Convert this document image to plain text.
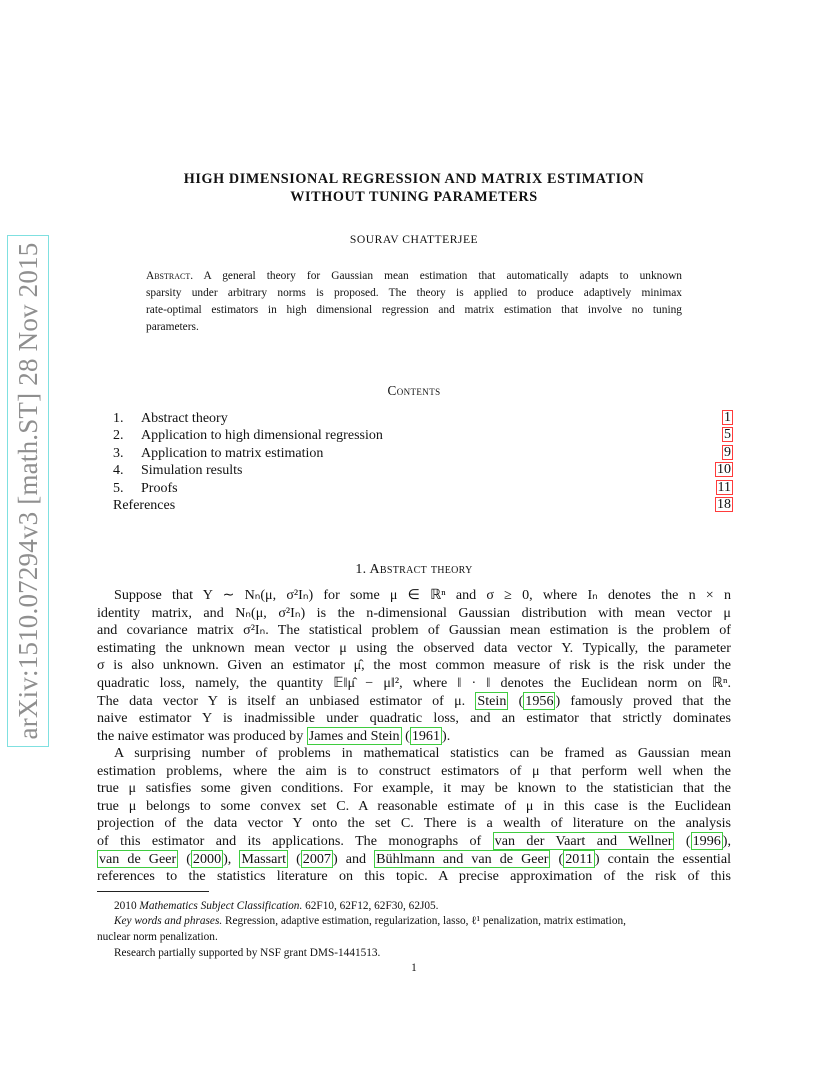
arXiv:1510.07294v3 [math.ST] 28 Nov 2015
HIGH DIMENSIONAL REGRESSION AND MATRIX ESTIMATION
WITHOUT TUNING PARAMETERS
SOURAV CHATTERJEE
Abstract. A general theory for Gaussian mean estimation that automatically adapts to unknown
sparsity under arbitrary norms is proposed. The theory is applied to produce adaptively minimax
rate-optimal estimators in high dimensional regression and matrix estimation that involve no tuning
parameters.
Contents
1. Abstract theory	1
2. Application to high dimensional regression	5
3. Application to matrix estimation	9
4. Simulation results	10
5. Proofs	11
References	18
1. Abstract theory
Suppose that Y ∼ Nₙ(μ, σ²Iₙ) for some μ ∈ ℝⁿ and σ ≥ 0, where Iₙ denotes the n × n
identity matrix, and Nₙ(μ, σ²Iₙ) is the n-dimensional Gaussian distribution with mean vector μ
and covariance matrix σ²Iₙ. The statistical problem of Gaussian mean estimation is the problem of
estimating the unknown mean vector μ using the observed data vector Y. Typically, the parameter
σ is also unknown. Given an estimator μ̂, the most common measure of risk is the risk under the
quadratic loss, namely, the quantity 𝔼‖μ̂ − μ‖², where ‖ · ‖ denotes the Euclidean norm on ℝⁿ.
The data vector Y is itself an unbiased estimator of μ. Stein ( 1956 ) famously proved that the
naive estimator Y is inadmissible under quadratic loss, and an estimator that strictly dominates
the naive estimator was produced by James and Stein ( 1961 ).
A surprising number of problems in mathematical statistics can be framed as Gaussian mean
estimation problems, where the aim is to construct estimators of μ that perform well when the
true μ satisfies some given conditions. For example, it may be known to the statistician that the
true μ belongs to some convex set C. A reasonable estimate of μ in this case is the Euclidean
projection of the data vector Y onto the set C. There is a wealth of literature on the analysis
of this estimator and its applications. The monographs of van der Vaart and Wellner ( 1996 ),
van de Geer ( 2000 ), Massart ( 2007 ) and Bühlmann and van de Geer ( 2011 ) contain the essential
references to the statistics literature on this topic. A precise approximation of the risk of this
2010 Mathematics Subject Classification. 62F10, 62F12, 62F30, 62J05.
Key words and phrases. Regression, adaptive estimation, regularization, lasso, ℓ¹ penalization, matrix estimation,
nuclear norm penalization.
Research partially supported by NSF grant DMS-1441513.
1
